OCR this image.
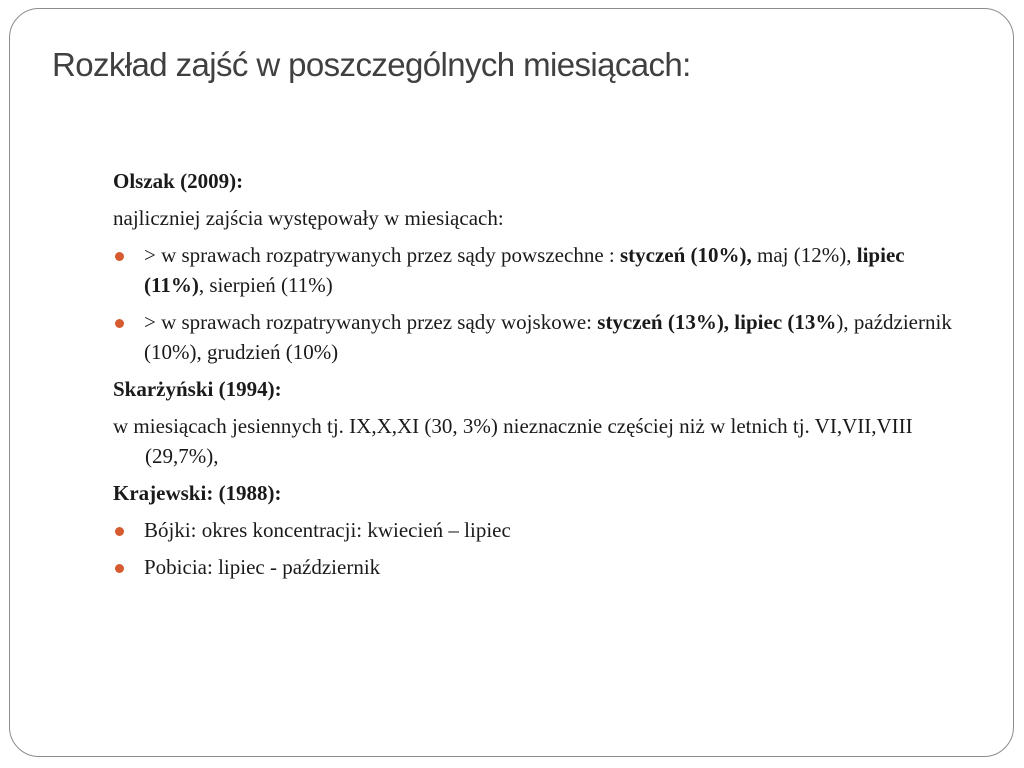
Rozkład zajść w poszczególnych miesiącach:

Olszak (2009):

najliczniej zajścia występowały w miesiącach:

> w sprawach rozpatrywanych przez sądy powszechne : styczeń (10%), maj (12%), lipiec (11%), sierpień (11%)
> w sprawach rozpatrywanych przez sądy wojskowe: styczeń (13%), lipiec (13%), październik (10%), grudzień (10%)

Skarżyński (1994):

w miesiącach jesiennych tj. IX,X,XI (30, 3%) nieznacznie częściej niż w letnich tj. VI,VII,VIII (29,7%),

Krajewski: (1988):

Bójki: okres koncentracji: kwiecień – lipiec
Pobicia: lipiec - październik
